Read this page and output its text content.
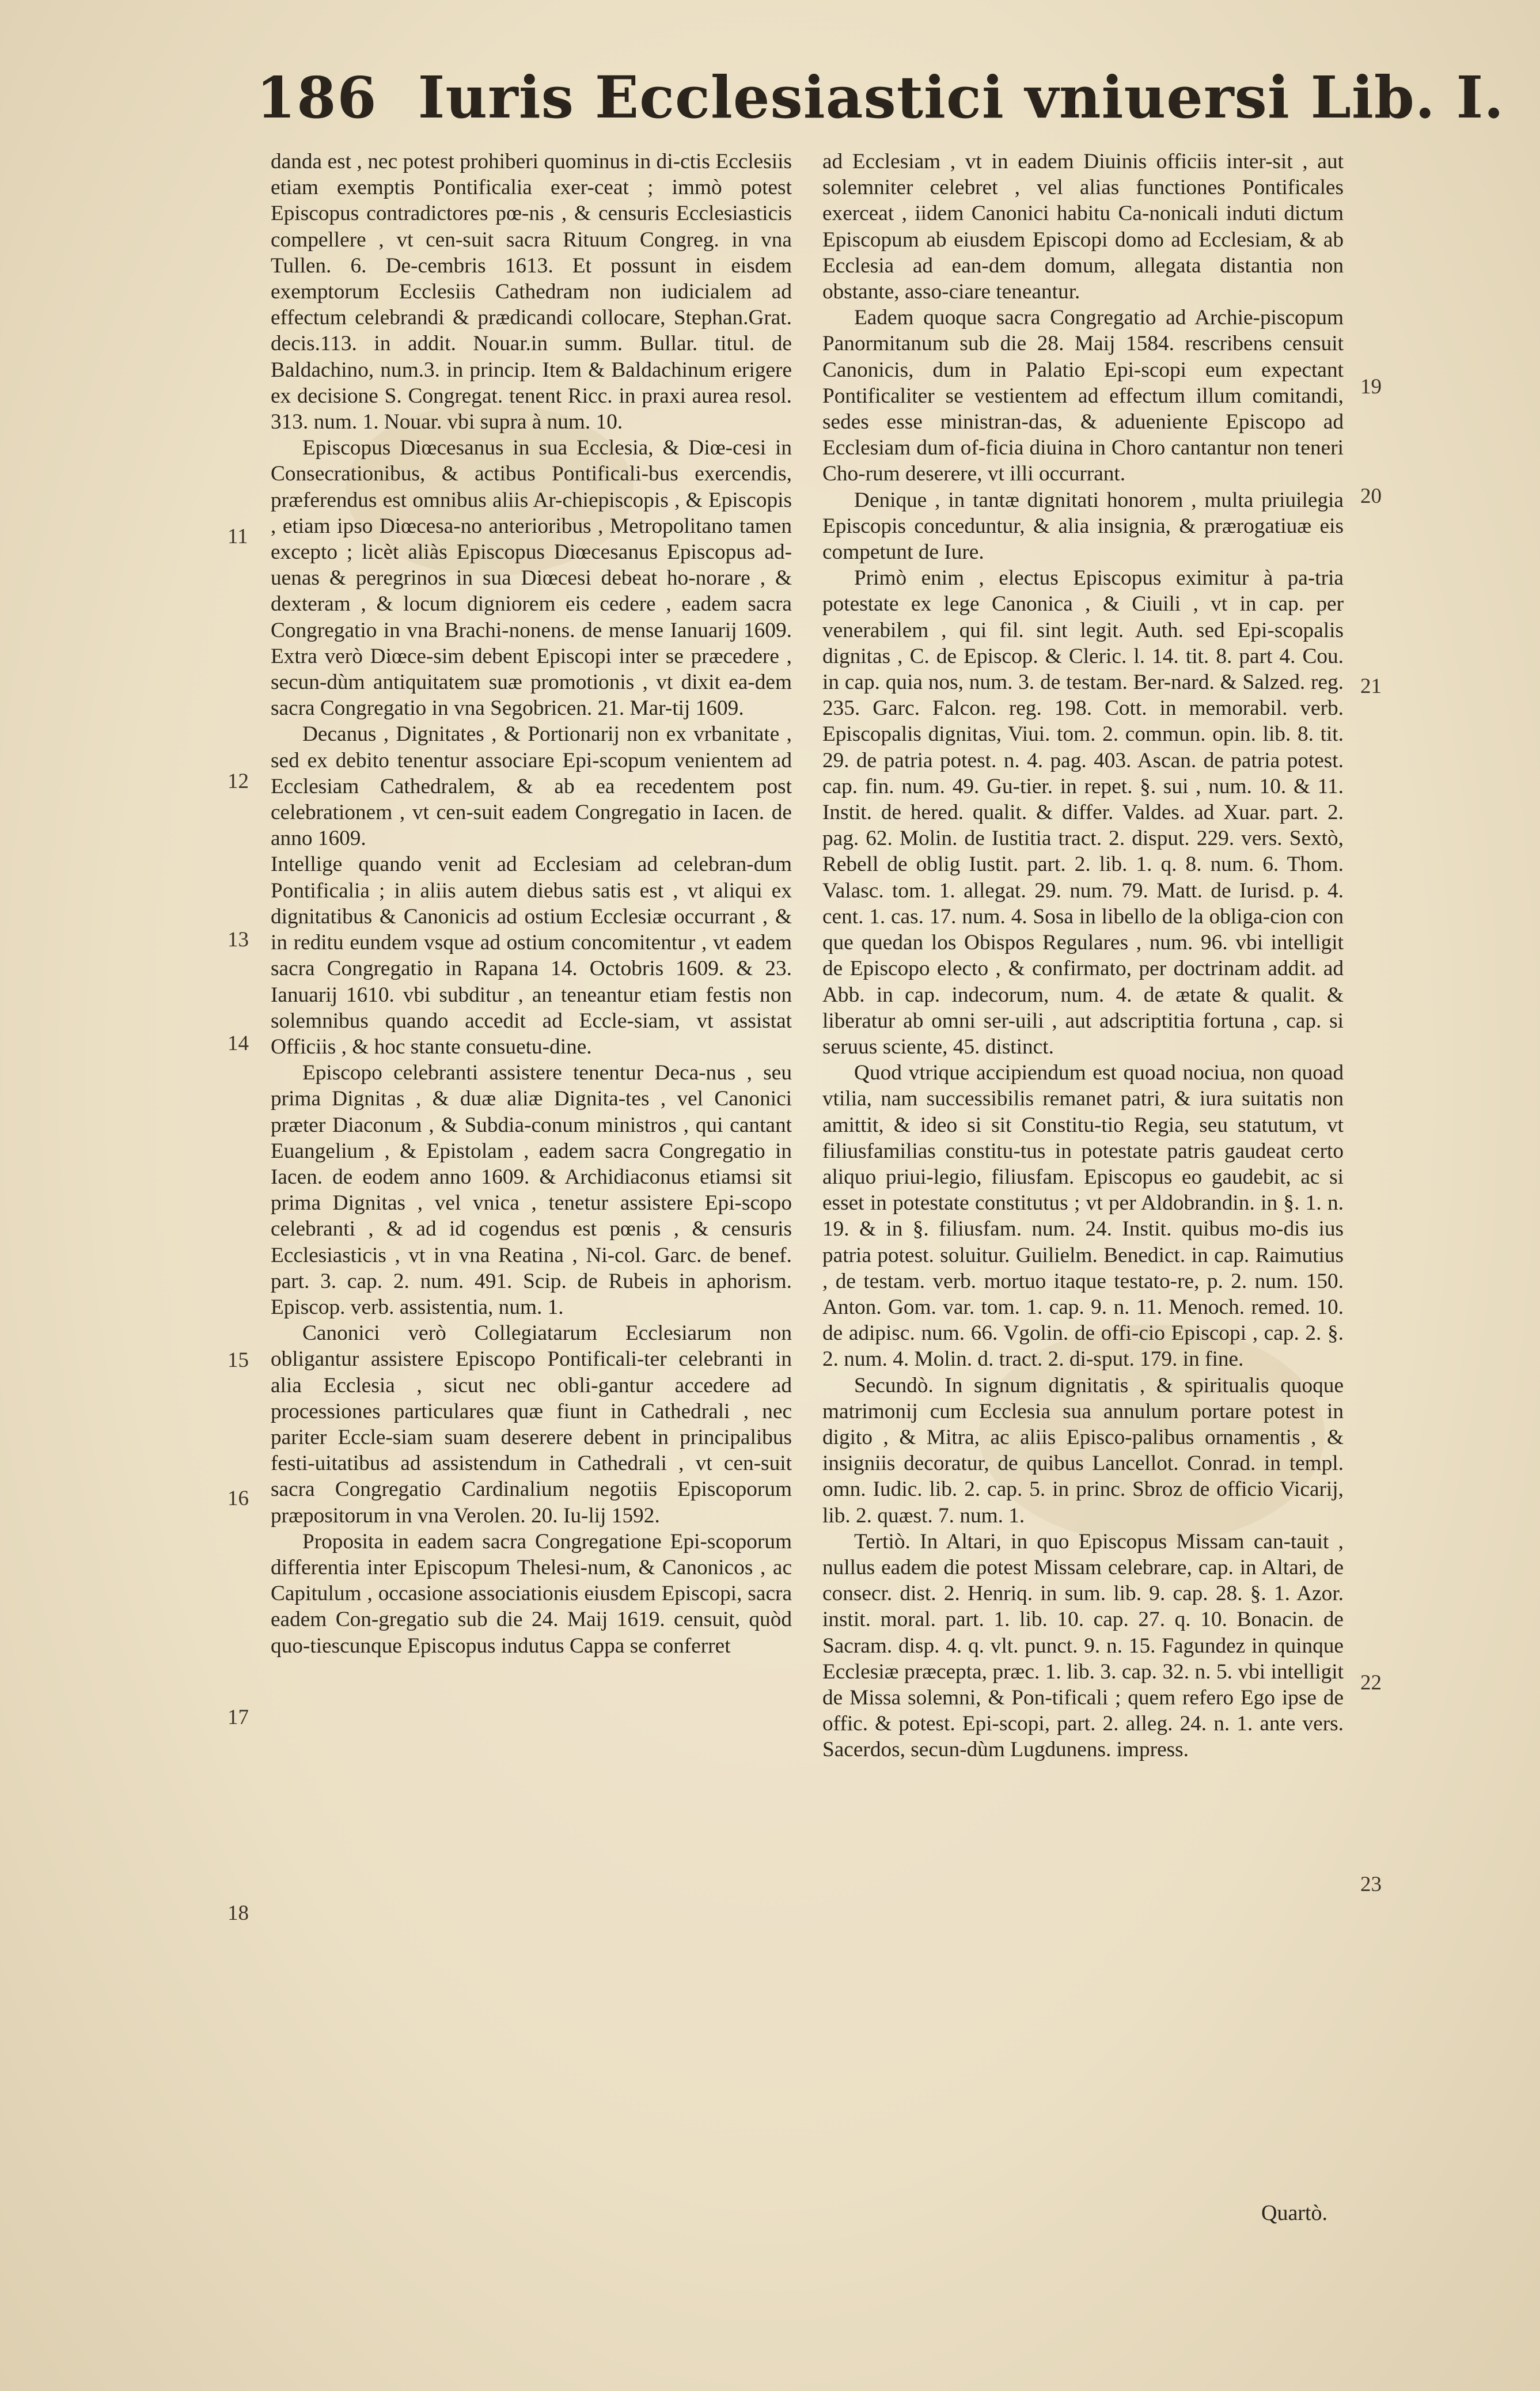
186 Iuris Ecclesiastici vniuersi Lib. I.

danda est , nec potest prohiberi quominus in di-ctis Ecclesiis etiam exemptis Pontificalia exer-ceat ; immò potest Episcopus contradictores pœ-nis , & censuris Ecclesiasticis compellere , vt cen-suit sacra Rituum Congreg. in vna Tullen. 6. De-cembris 1613. Et possunt in eisdem exemptorum Ecclesiis Cathedram non iudicialem ad effectum celebrandi & prædicandi collocare, Stephan.Grat. decis.113. in addit. Nouar.in summ. Bullar. titul. de Baldachino, num.3. in princip. Item & Baldachinum erigere ex decisione S. Congregat. tenent Ricc. in praxi aurea resol. 313. num. 1. Nouar. vbi supra à num. 10.

Episcopus Diœcesanus in sua Ecclesia, & Diœ-cesi in Consecrationibus, & actibus Pontificali-bus exercendis, præferendus est omnibus aliis Ar-chiepiscopis , & Episcopis , etiam ipso Diœcesa-no anterioribus , Metropolitano tamen excepto ; licèt aliàs Episcopus Diœcesanus Episcopus ad-uenas & peregrinos in sua Diœcesi debeat ho-norare , & dexteram , & locum digniorem eis cedere , eadem sacra Congregatio in vna Brachi-nonens. de mense Ianuarij 1609. Extra verò Diœce-sim debent Episcopi inter se præcedere , secun-dùm antiquitatem suæ promotionis , vt dixit ea-dem sacra Congregatio in vna Segobricen. 21. Mar-tij 1609.

Decanus , Dignitates , & Portionarij non ex vrbanitate , sed ex debito tenentur associare Epi-scopum venientem ad Ecclesiam Cathedralem, & ab ea recedentem post celebrationem , vt cen-suit eadem Congregatio in Iacen. de anno 1609.

Intellige quando venit ad Ecclesiam ad celebran-dum Pontificalia ; in aliis autem diebus satis est , vt aliqui ex dignitatibus & Canonicis ad ostium Ecclesiæ occurrant , & in reditu eundem vsque ad ostium concomitentur , vt eadem sacra Congregatio in Rapana 14. Octobris 1609. & 23. Ianuarij 1610. vbi subditur , an teneantur etiam festis non solemnibus quando accedit ad Eccle-siam, vt assistat Officiis , & hoc stante consuetu-dine.

Episcopo celebranti assistere tenentur Deca-nus , seu prima Dignitas , & duæ aliæ Dignita-tes , vel Canonici præter Diaconum , & Subdia-conum ministros , qui cantant Euangelium , & Epistolam , eadem sacra Congregatio in Iacen. de eodem anno 1609. & Archidiaconus etiamsi sit prima Dignitas , vel vnica , tenetur assistere Epi-scopo celebranti , & ad id cogendus est pœnis , & censuris Ecclesiasticis , vt in vna Reatina , Ni-col. Garc. de benef. part. 3. cap. 2. num. 491. Scip. de Rubeis in aphorism. Episcop. verb. assistentia, num. 1.

Canonici verò Collegiatarum Ecclesiarum non obligantur assistere Episcopo Pontificali-ter celebranti in alia Ecclesia , sicut nec obli-gantur accedere ad processiones particulares quæ fiunt in Cathedrali , nec pariter Eccle-siam suam deserere debent in principalibus festi-uitatibus ad assistendum in Cathedrali , vt cen-suit sacra Congregatio Cardinalium negotiis Episcoporum præpositorum in vna Verolen. 20. Iu-lij 1592.

Proposita in eadem sacra Congregatione Epi-scoporum differentia inter Episcopum Thelesi-num, & Canonicos , ac Capitulum , occasione associationis eiusdem Episcopi, sacra eadem Con-gregatio sub die 24. Maij 1619. censuit, quòd quo-tiescunque Episcopus indutus Cappa se conferret

ad Ecclesiam , vt in eadem Diuinis officiis inter-sit , aut solemniter celebret , vel alias functiones Pontificales exerceat , iidem Canonici habitu Ca-nonicali induti dictum Episcopum ab eiusdem Episcopi domo ad Ecclesiam, & ab Ecclesia ad ean-dem domum, allegata distantia non obstante, asso-ciare teneantur.

Eadem quoque sacra Congregatio ad Archie-piscopum Panormitanum sub die 28. Maij 1584. rescribens censuit Canonicis, dum in Palatio Epi-scopi eum expectant Pontificaliter se vestientem ad effectum illum comitandi, sedes esse ministran-das, & adueniente Episcopo ad Ecclesiam dum of-ficia diuina in Choro cantantur non teneri Cho-rum deserere, vt illi occurrant.

Denique , in tantæ dignitati honorem , multa priuilegia Episcopis conceduntur, & alia insignia, & prærogatiuæ eis competunt de Iure.

Primò enim , electus Episcopus eximitur à pa-tria potestate ex lege Canonica , & Ciuili , vt in cap. per venerabilem , qui fil. sint legit. Auth. sed Epi-scopalis dignitas , C. de Episcop. & Cleric. l. 14. tit. 8. part 4. Cou. in cap. quia nos, num. 3. de testam. Ber-nard. & Salzed. reg. 235. Garc. Falcon. reg. 198. Cott. in memorabil. verb. Episcopalis dignitas, Viui. tom. 2. commun. opin. lib. 8. tit. 29. de patria potest. n. 4. pag. 403. Ascan. de patria potest. cap. fin. num. 49. Gu-tier. in repet. §. sui , num. 10. & 11. Instit. de hered. qualit. & differ. Valdes. ad Xuar. part. 2. pag. 62. Molin. de Iustitia tract. 2. disput. 229. vers. Sextò, Rebell de oblig Iustit. part. 2. lib. 1. q. 8. num. 6. Thom. Valasc. tom. 1. allegat. 29. num. 79. Matt. de Iurisd. p. 4. cent. 1. cas. 17. num. 4. Sosa in libello de la obliga-cion con que quedan los Obispos Regulares , num. 96. vbi intelligit de Episcopo electo , & confirmato, per doctrinam addit. ad Abb. in cap. indecorum, num. 4. de ætate & qualit. & liberatur ab omni ser-uili , aut adscriptitia fortuna , cap. si seruus sciente, 45. distinct.

Quod vtrique accipiendum est quoad nociua, non quoad vtilia, nam successibilis remanet patri, & iura suitatis non amittit, & ideo si sit Constitu-tio Regia, seu statutum, vt filiusfamilias constitu-tus in potestate patris gaudeat certo aliquo priui-legio, filiusfam. Episcopus eo gaudebit, ac si esset in potestate constitutus ; vt per Aldobrandin. in §. 1. n. 19. & in §. filiusfam. num. 24. Instit. quibus mo-dis ius patria potest. soluitur. Guilielm. Benedict. in cap. Raimutius , de testam. verb. mortuo itaque testato-re, p. 2. num. 150. Anton. Gom. var. tom. 1. cap. 9. n. 11. Menoch. remed. 10. de adipisc. num. 66. Vgolin. de offi-cio Episcopi , cap. 2. §. 2. num. 4. Molin. d. tract. 2. di-sput. 179. in fine.

Secundò. In signum dignitatis , & spiritualis quoque matrimonij cum Ecclesia sua annulum portare potest in digito , & Mitra, ac aliis Episco-palibus ornamentis , & insigniis decoratur, de quibus Lancellot. Conrad. in templ. omn. Iudic. lib. 2. cap. 5. in princ. Sbroz de officio Vicarij, lib. 2. quæst. 7. num. 1.

Tertiò. In Altari, in quo Episcopus Missam can-tauit , nullus eadem die potest Missam celebrare, cap. in Altari, de consecr. dist. 2. Henriq. in sum. lib. 9. cap. 28. §. 1. Azor. instit. moral. part. 1. lib. 10. cap. 27. q. 10. Bonacin. de Sacram. disp. 4. q. vlt. punct. 9. n. 15. Fagundez in quinque Ecclesiæ præcepta, præc. 1. lib. 3. cap. 32. n. 5. vbi intelligit de Missa solemni, & Pon-tificali ; quem refero Ego ipse de offic. & potest. Epi-scopi, part. 2. alleg. 24. n. 1. ante vers. Sacerdos, secun-dùm Lugdunens. impress.

11
12
13
14
15
16
17
18
19
20
21
22
23
Quartò.
